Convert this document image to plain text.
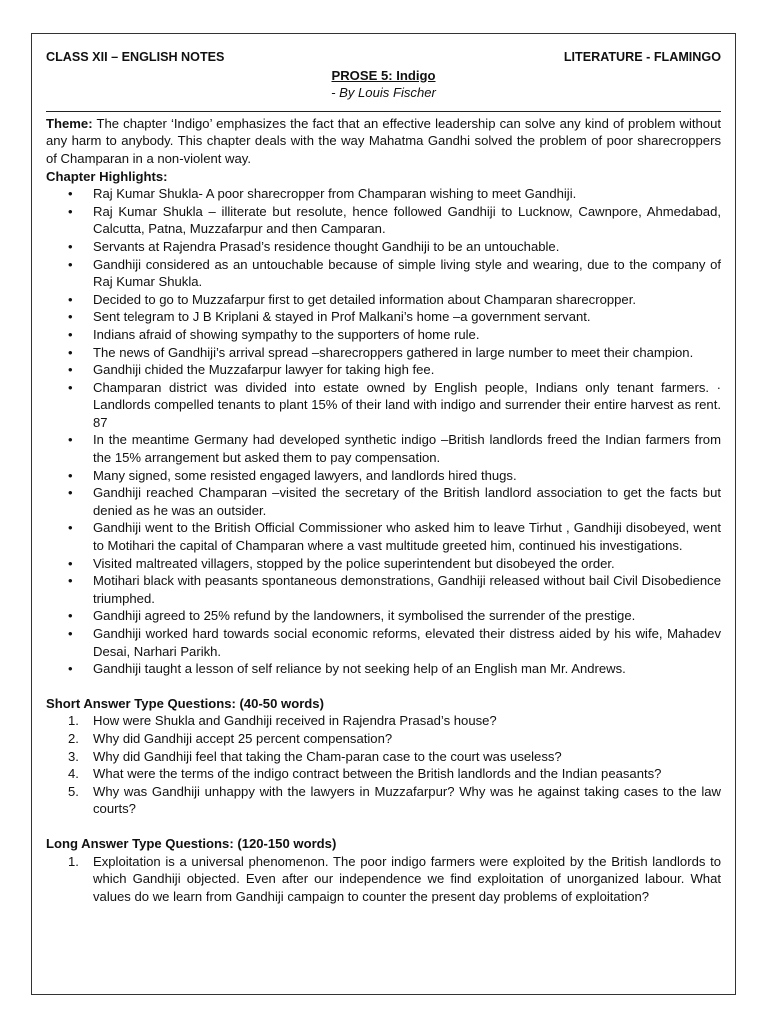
CLASS XII – ENGLISH NOTES	LITERATURE - FLAMINGO
PROSE 5: Indigo
- By Louis Fischer
Theme: The chapter ‘Indigo’ emphasizes the fact that an effective leadership can solve any kind of problem without any harm to anybody. This chapter deals with the way Mahatma Gandhi solved the problem of poor sharecroppers of Champaran in a non-violent way.
Chapter Highlights:
• Raj Kumar Shukla- A poor sharecropper from Champaran wishing to meet Gandhiji.
• Raj Kumar Shukla – illiterate but resolute, hence followed Gandhiji to Lucknow, Cawnpore, Ahmedabad, Calcutta, Patna, Muzzafarpur and then Camparan.
• Servants at Rajendra Prasad’s residence thought Gandhiji to be an untouchable.
• Gandhiji considered as an untouchable because of simple living style and wearing, due to the company of Raj Kumar Shukla.
• Decided to go to Muzzafarpur first to get detailed information about Champaran sharecropper.
• Sent telegram to J B Kriplani & stayed in Prof Malkani’s home –a government servant.
• Indians afraid of showing sympathy to the supporters of home rule.
• The news of Gandhiji’s arrival spread –sharecroppers gathered in large number to meet their champion.
• Gandhiji chided the Muzzafarpur lawyer for taking high fee.
• Champaran district was divided into estate owned by English people, Indians only tenant farmers. · Landlords compelled tenants to plant 15% of their land with indigo and surrender their entire harvest as rent. 87
• In the meantime Germany had developed synthetic indigo –British landlords freed the Indian farmers from the 15% arrangement but asked them to pay compensation.
• Many signed, some resisted engaged lawyers, and landlords hired thugs.
• Gandhiji reached Champaran –visited the secretary of the British landlord association to get the facts but denied as he was an outsider.
• Gandhiji went to the British Official Commissioner who asked him to leave Tirhut , Gandhiji disobeyed, went to Motihari the capital of Champaran where a vast multitude greeted him, continued his investigations.
• Visited maltreated villagers, stopped by the police superintendent but disobeyed the order.
• Motihari black with peasants spontaneous demonstrations, Gandhiji released without bail Civil Disobedience triumphed.
• Gandhiji agreed to 25% refund by the landowners, it symbolised the surrender of the prestige.
• Gandhiji worked hard towards social economic reforms, elevated their distress aided by his wife, Mahadev Desai, Narhari Parikh.
• Gandhiji taught a lesson of self reliance by not seeking help of an English man Mr. Andrews.
Short Answer Type Questions: (40-50 words)
1. How were Shukla and Gandhiji received in Rajendra Prasad’s house?
2. Why did Gandhiji accept 25 percent compensation?
3. Why did Gandhiji feel that taking the Cham-paran case to the court was useless?
4. What were the terms of the indigo contract between the British landlords and the Indian peasants?
5. Why was Gandhiji unhappy with the lawyers in Muzzafarpur? Why was he against taking cases to the law courts?
Long Answer Type Questions: (120-150 words)
1. Exploitation is a universal phenomenon. The poor indigo farmers were exploited by the British landlords to which Gandhiji objected. Even after our independence we find exploitation of unorganized labour. What values do we learn from Gandhiji campaign to counter the present day problems of exploitation?
